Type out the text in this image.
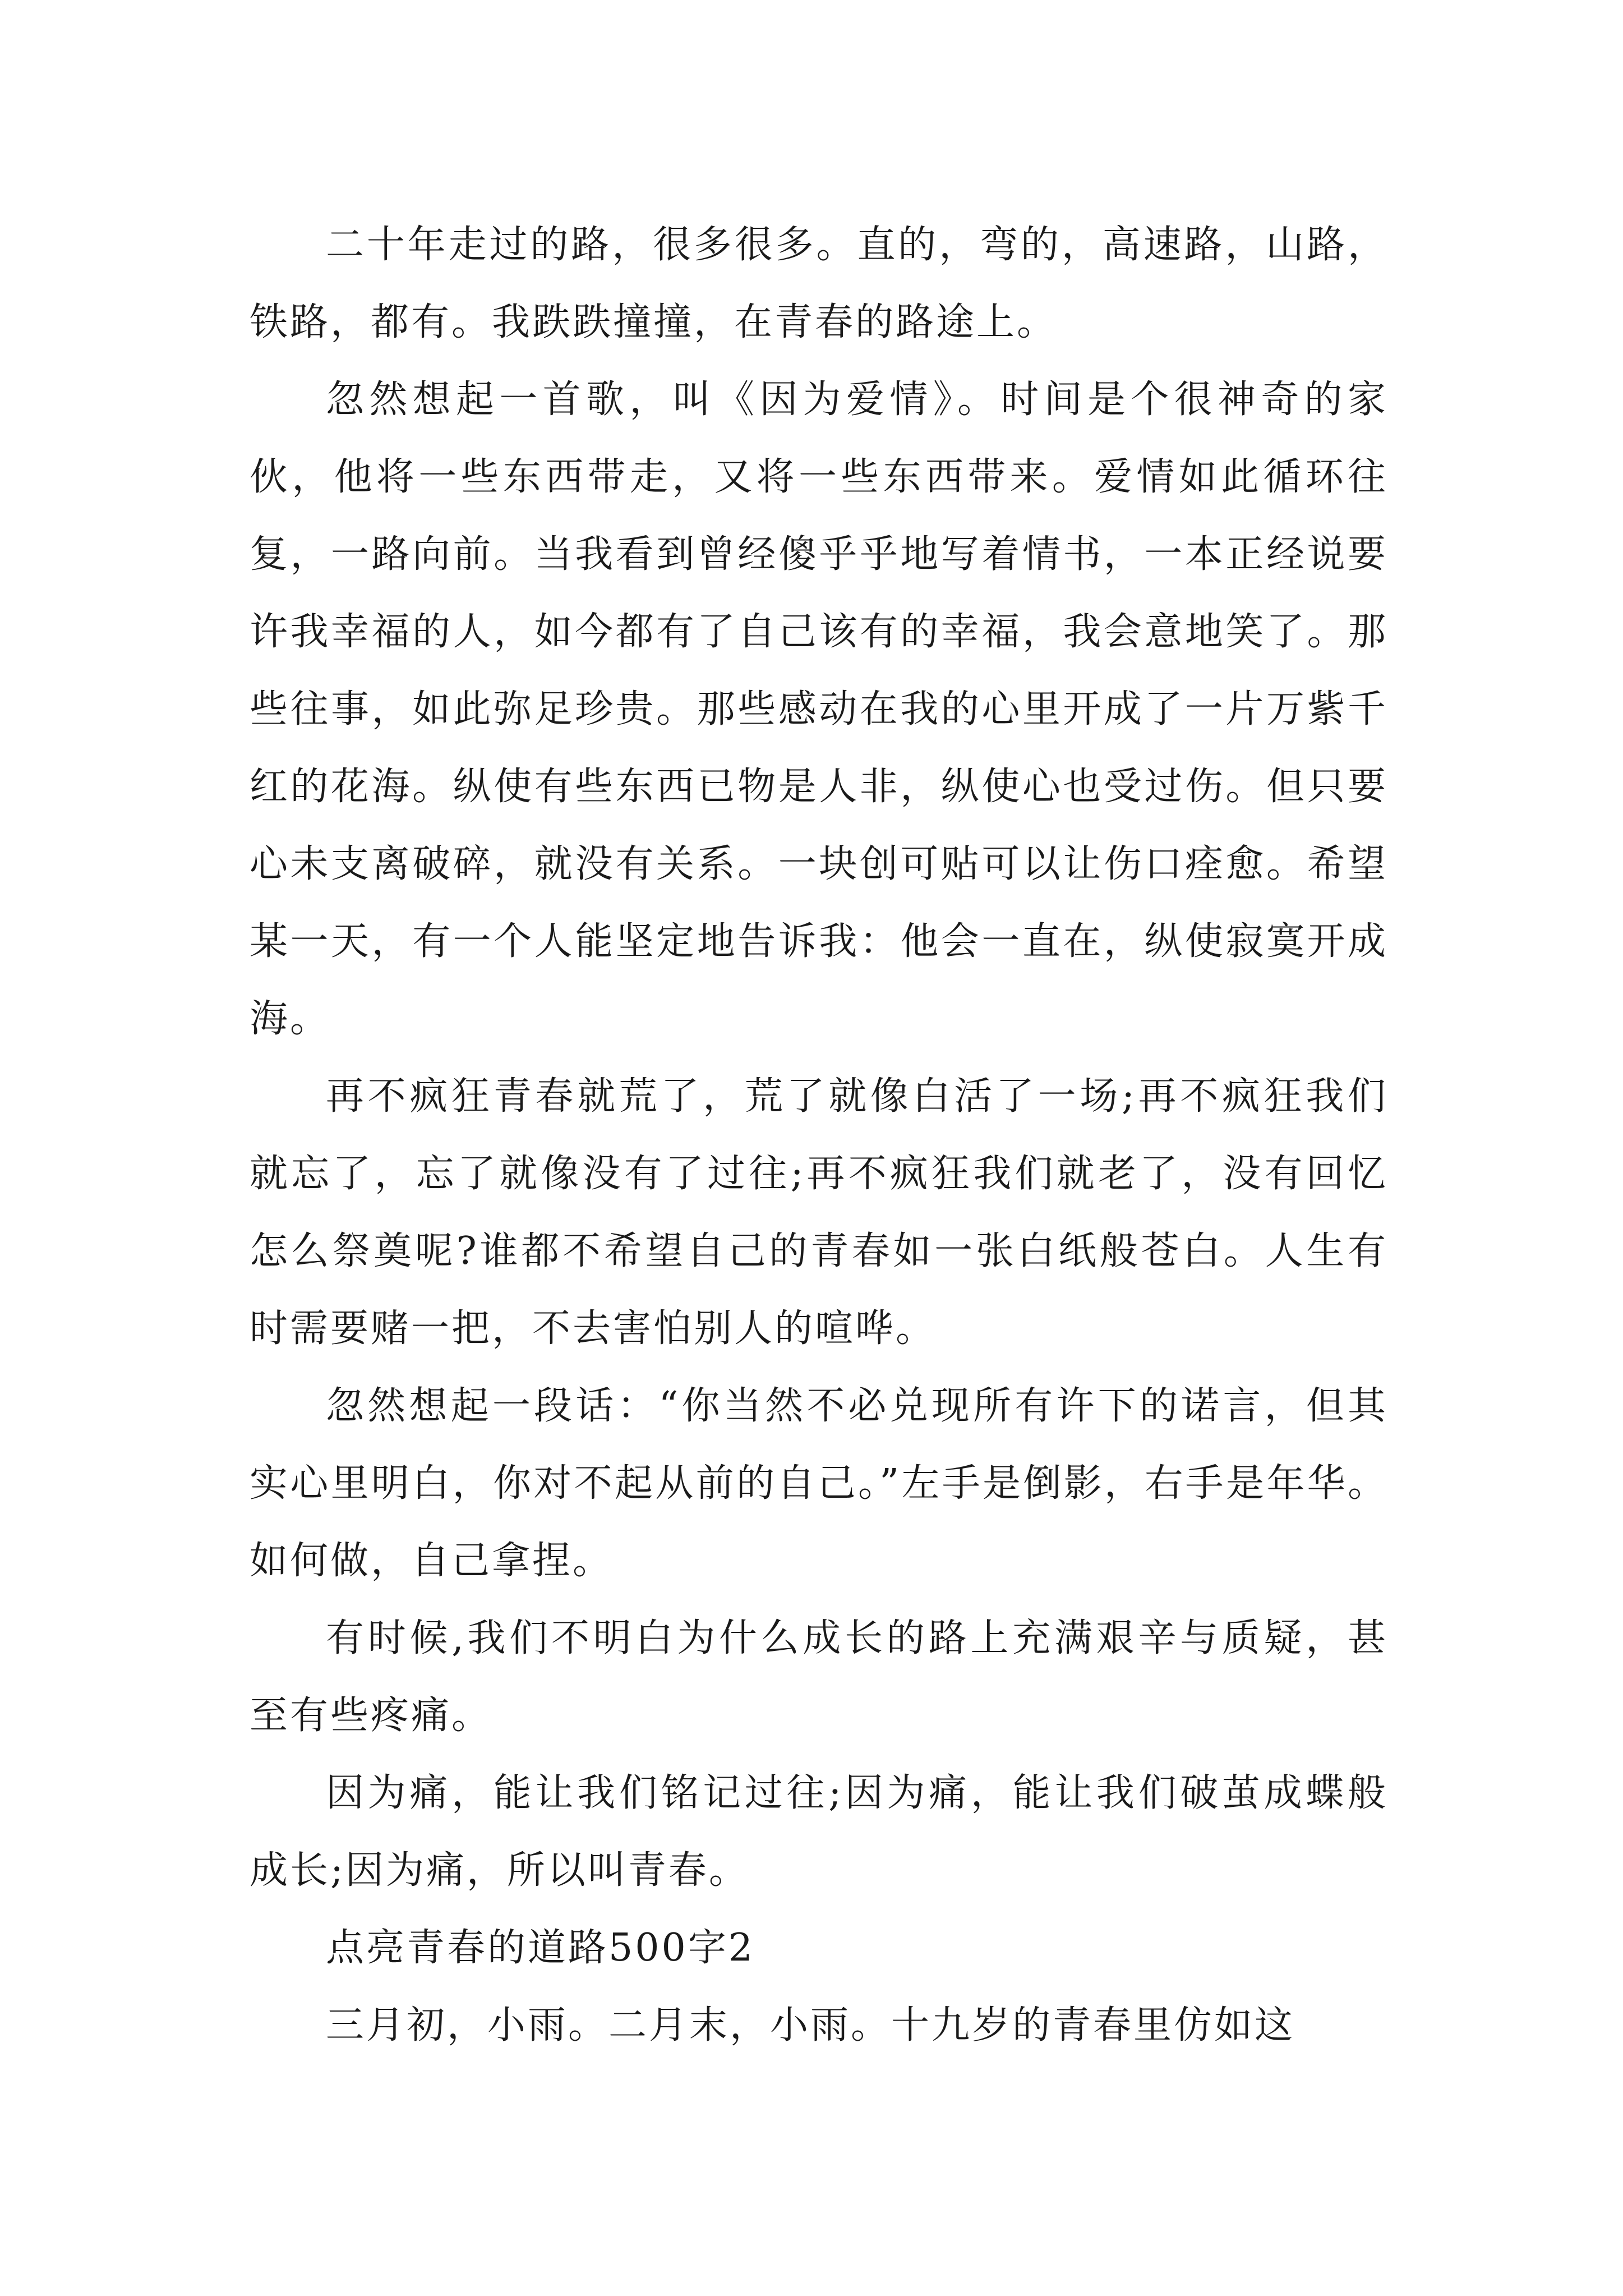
二十年走过的路，很多很多。直的，弯的，高速路，山路，铁路，都有。我跌跌撞撞，在青春的路途上。

忽然想起一首歌，叫《因为爱情》。时间是个很神奇的家伙，他将一些东西带走，又将一些东西带来。爱情如此循环往复，一路向前。当我看到曾经傻乎乎地写着情书，一本正经说要许我幸福的人，如今都有了自己该有的幸福，我会意地笑了。那些往事，如此弥足珍贵。那些感动在我的心里开成了一片万紫千红的花海。纵使有些东西已物是人非，纵使心也受过伤。但只要心未支离破碎，就没有关系。一块创可贴可以让伤口痊愈。希望某一天，有一个人能坚定地告诉我：他会一直在，纵使寂寞开成海。

再不疯狂青春就荒了，荒了就像白活了一场;再不疯狂我们就忘了，忘了就像没有了过往;再不疯狂我们就老了，没有回忆怎么祭奠呢?谁都不希望自己的青春如一张白纸般苍白。人生有时需要赌一把，不去害怕别人的喧哗。

忽然想起一段话：“你当然不必兑现所有许下的诺言，但其实心里明白，你对不起从前的自己。”左手是倒影，右手是年华。如何做，自己拿捏。

有时候,我们不明白为什么成长的路上充满艰辛与质疑，甚至有些疼痛。

因为痛，能让我们铭记过往;因为痛，能让我们破茧成蝶般成长;因为痛，所以叫青春。

点亮青春的道路500字2

三月初，小雨。二月末，小雨。十九岁的青春里仿如这
